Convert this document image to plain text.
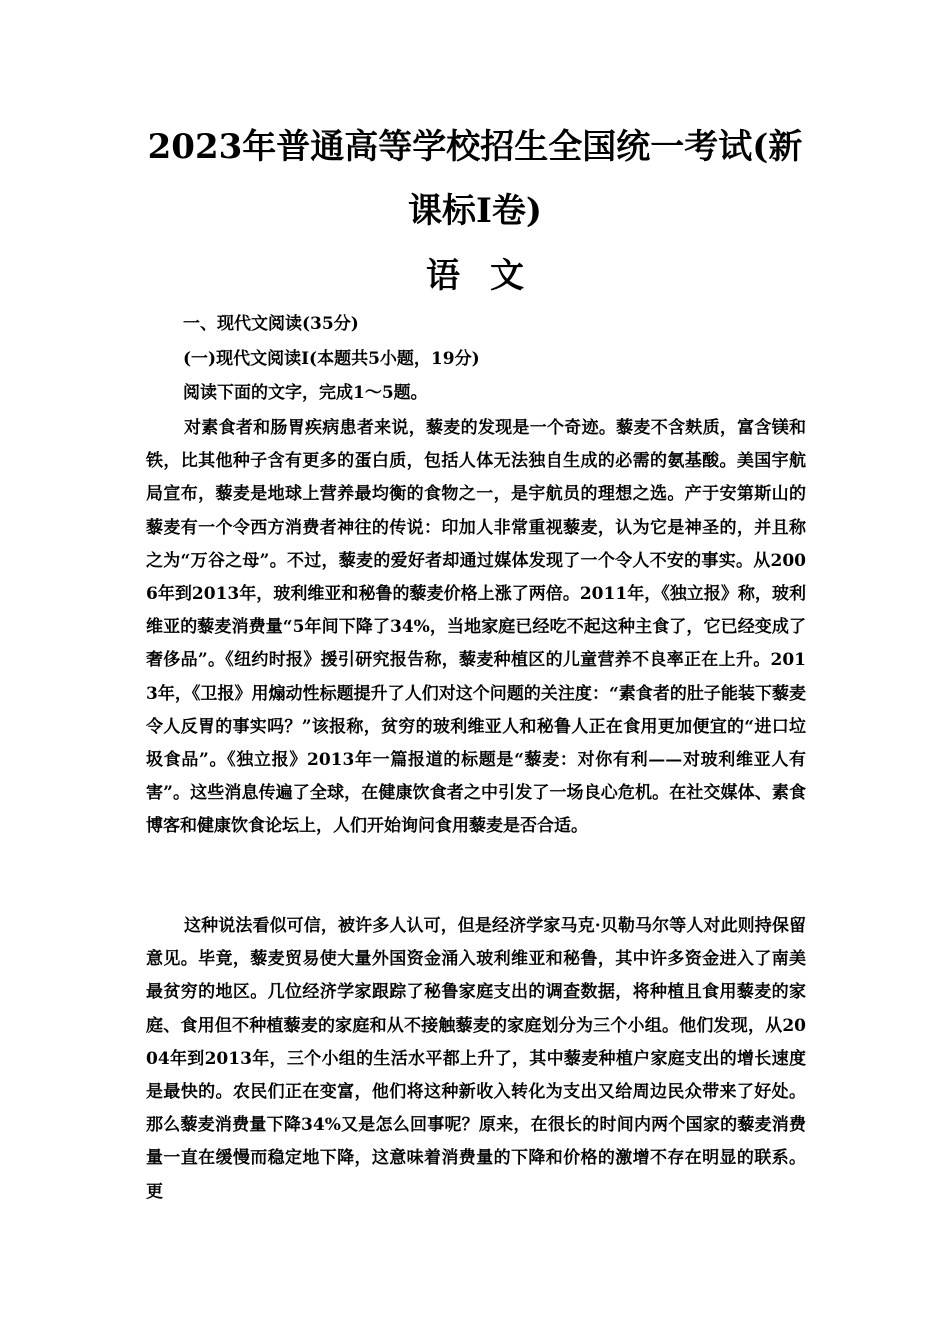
2023年普通高等学校招生全国统一考试(新
课标Ⅰ卷)
语文
一、现代文阅读(35分)
(一)现代文阅读Ⅰ(本题共5小题，19分)
阅读下面的文字，完成1～5题。

对素食者和肠胃疾病患者来说，藜麦的发现是一个奇迹。藜麦不含麸质，富含镁和铁，比其他种子含有更多的蛋白质，包括人体无法独自生成的必需的氨基酸。美国宇航局宣布，藜麦是地球上营养最均衡的食物之一，是宇航员的理想之选。产于安第斯山的藜麦有一个令西方消费者神往的传说：印加人非常重视藜麦，认为它是神圣的，并且称之为“万谷之母”。不过，藜麦的爱好者却通过媒体发现了一个令人不安的事实。从2006年到2013年，玻利维亚和秘鲁的藜麦价格上涨了两倍。2011年，《独立报》称，玻利维亚的藜麦消费量“5年间下降了34%，当地家庭已经吃不起这种主食了，它已经变成了奢侈品”。《纽约时报》援引研究报告称，藜麦种植区的儿童营养不良率正在上升。2013年，《卫报》用煽动性标题提升了人们对这个问题的关注度：“素食者的肚子能装下藜麦令人反胃的事实吗？”该报称，贫穷的玻利维亚人和秘鲁人正在食用更加便宜的“进口垃圾食品”。《独立报》2013年一篇报道的标题是“藜麦：对你有利——对玻利维亚人有害”。这些消息传遍了全球，在健康饮食者之中引发了一场良心危机。在社交媒体、素食博客和健康饮食论坛上，人们开始询问食用藜麦是否合适。

这种说法看似可信，被许多人认可，但是经济学家马克·贝勒马尔等人对此则持保留意见。毕竟，藜麦贸易使大量外国资金涌入玻利维亚和秘鲁，其中许多资金进入了南美最贫穷的地区。几位经济学家跟踪了秘鲁家庭支出的调查数据，将种植且食用藜麦的家庭、食用但不种植藜麦的家庭和从不接触藜麦的家庭划分为三个小组。他们发现，从2004年到2013年，三个小组的生活水平都上升了，其中藜麦种植户家庭支出的增长速度是最快的。农民们正在变富，他们将这种新收入转化为支出又给周边民众带来了好处。那么藜麦消费量下降34%又是怎么回事呢？原来，在很长的时间内两个国家的藜麦消费量一直在缓慢而稳定地下降，这意味着消费量的下降和价格的激增不存在明显的联系。更
